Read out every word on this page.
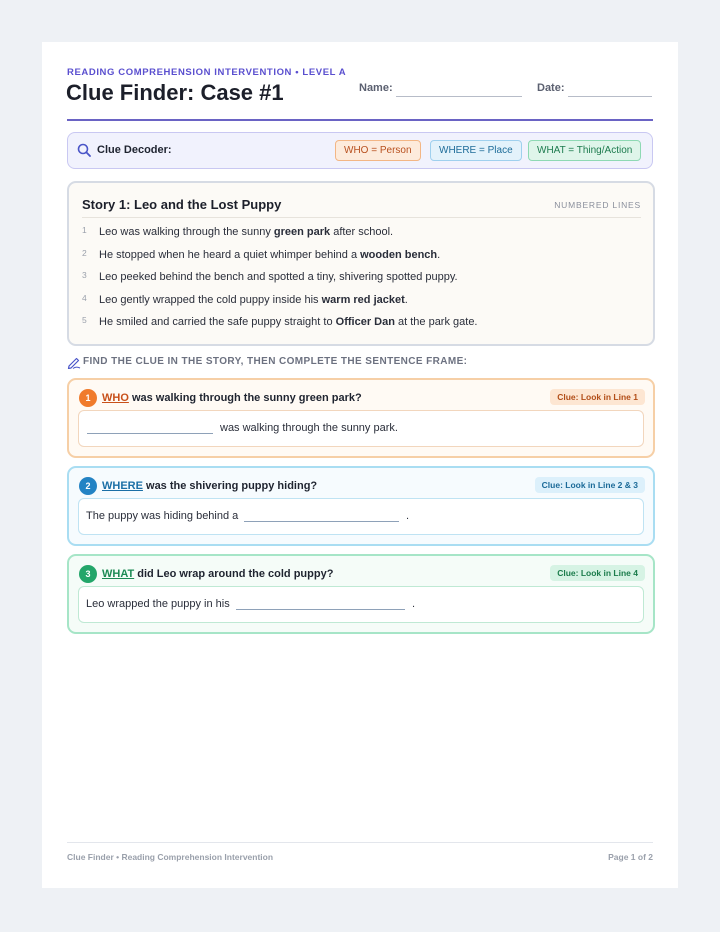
READING COMPREHENSION INTERVENTION • LEVEL A
Clue Finder: Case #1	Name:	Date:
Clue Decoder:	WHO = Person	WHERE = Place	WHAT = Thing/Action
Story 1: Leo and the Lost Puppy	NUMBERED LINES
1 Leo was walking through the sunny green park after school.
2 He stopped when he heard a quiet whimper behind a wooden bench.
3 Leo peeked behind the bench and spotted a tiny, shivering spotted puppy.
4 Leo gently wrapped the cold puppy inside his warm red jacket.
5 He smiled and carried the safe puppy straight to Officer Dan at the park gate.
FIND THE CLUE IN THE STORY, THEN COMPLETE THE SENTENCE FRAME:
1	WHO was walking through the sunny green park?	Clue: Look in Line 1
was walking through the sunny park.
2	WHERE was the shivering puppy hiding?	Clue: Look in Line 2 & 3
The puppy was hiding behind a	.
3	WHAT did Leo wrap around the cold puppy?	Clue: Look in Line 4
Leo wrapped the puppy in his	.
Clue Finder • Reading Comprehension Intervention	Page 1 of 2
